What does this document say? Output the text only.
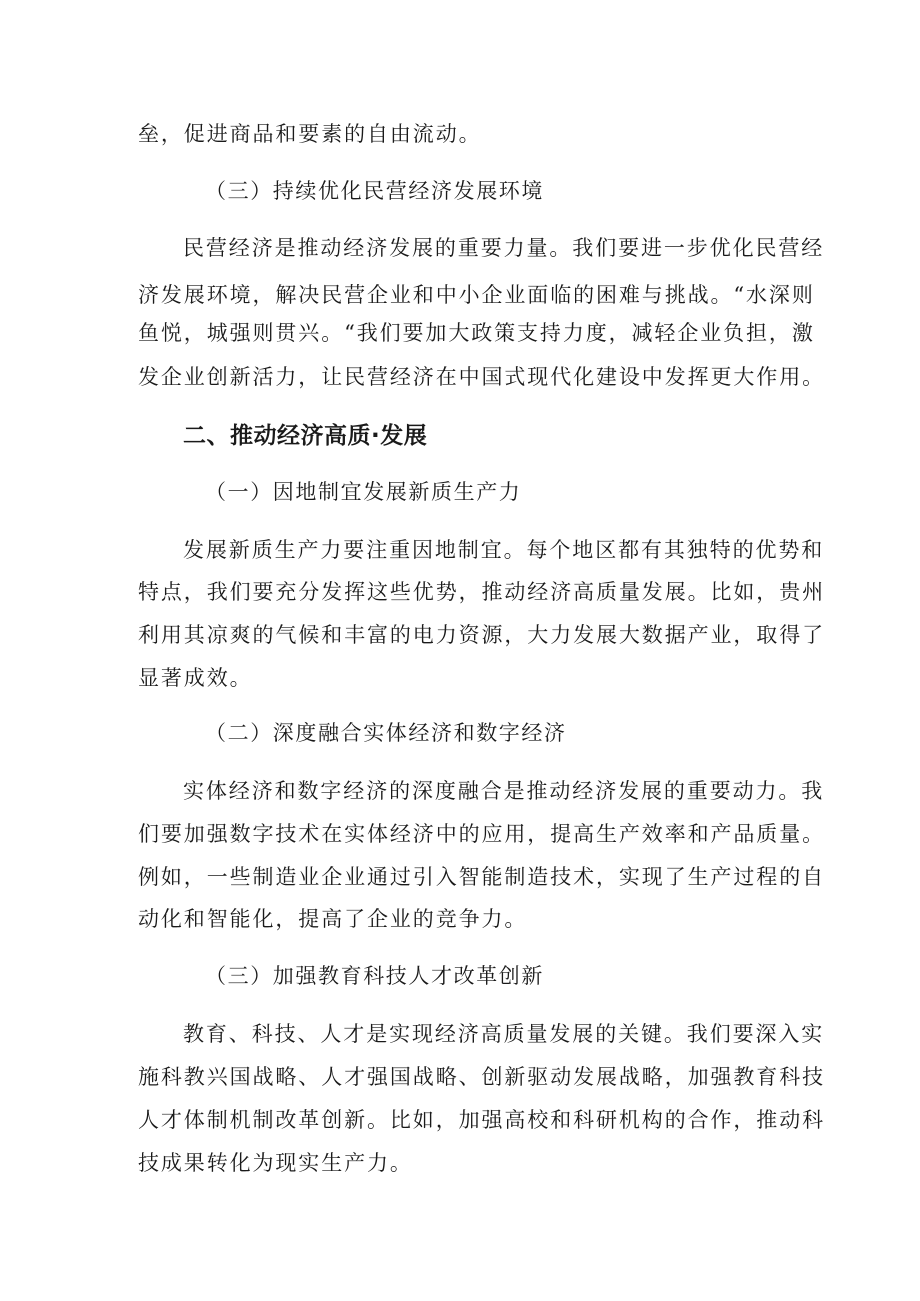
垒，促进商品和要素的自由流动。
（三）持续优化民营经济发展环境
民营经济是推动经济发展的重要力量。我们要进一步优化民营经
济发展环境，解决民营企业和中小企业面临的困难与挑战。“水深则
鱼悦，城强则贯兴。“我们要加大政策支持力度，减轻企业负担，激
发企业创新活力，让民营经济在中国式现代化建设中发挥更大作用。
二、推动经济高质·发展
（一）因地制宜发展新质生产力
发展新质生产力要注重因地制宜。每个地区都有其独特的优势和
特点，我们要充分发挥这些优势，推动经济高质量发展。比如，贵州
利用其凉爽的气候和丰富的电力资源，大力发展大数据产业，取得了
显著成效。
（二）深度融合实体经济和数字经济
实体经济和数字经济的深度融合是推动经济发展的重要动力。我
们要加强数字技术在实体经济中的应用，提高生产效率和产品质量。
例如，一些制造业企业通过引入智能制造技术，实现了生产过程的自
动化和智能化，提高了企业的竞争力。
（三）加强教育科技人才改革创新
教育、科技、人才是实现经济高质量发展的关键。我们要深入实
施科教兴国战略、人才强国战略、创新驱动发展战略，加强教育科技
人才体制机制改革创新。比如，加强高校和科研机构的合作，推动科
技成果转化为现实生产力。
